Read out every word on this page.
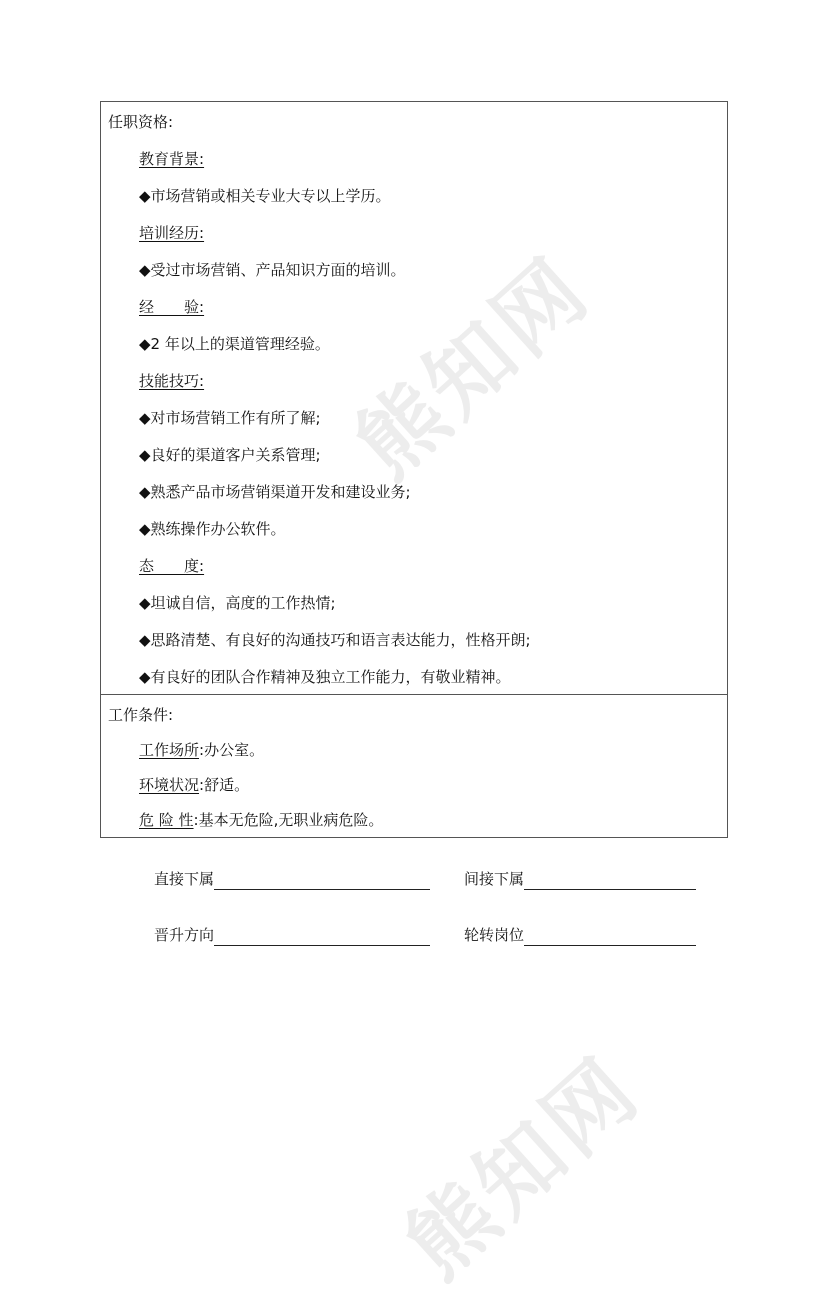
熊知网
熊知网
任职资格:
教育背景:
◆市场营销或相关专业大专以上学历。
培训经历:
◆受过市场营销、产品知识方面的培训。
经　　验:
◆2 年以上的渠道管理经验。
技能技巧:
◆对市场营销工作有所了解;
◆良好的渠道客户关系管理;
◆熟悉产品市场营销渠道开发和建设业务;
◆熟练操作办公软件。
态　　度:
◆坦诚自信，高度的工作热情;
◆思路清楚、有良好的沟通技巧和语言表达能力，性格开朗;
◆有良好的团队合作精神及独立工作能力，有敬业精神。
工作条件:
工作场所:办公室。
环境状况:舒适。
危 险 性:基本无危险,无职业病危险。
直接下属	间接下属
晋升方向	轮转岗位
